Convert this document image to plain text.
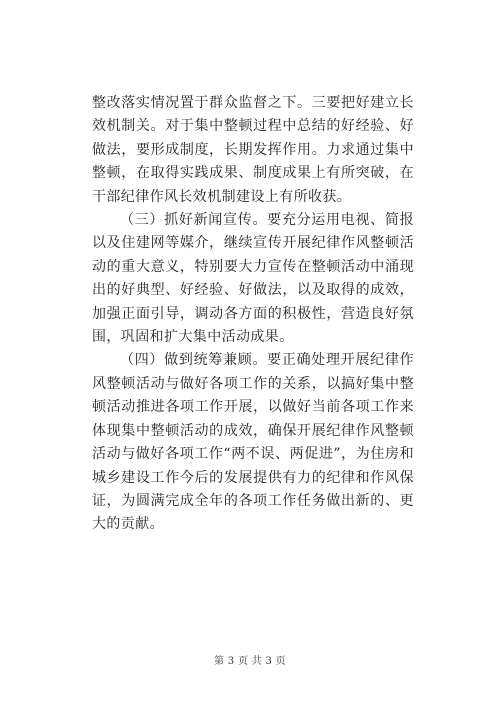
整改落实情况置于群众监督之下。三要把好建立长效机制关。对于集中整顿过程中总结的好经验、好做法，要形成制度，长期发挥作用。力求通过集中整顿，在取得实践成果、制度成果上有所突破，在干部纪律作风长效机制建设上有所收获。

（三）抓好新闻宣传。要充分运用电视、简报以及住建网等媒介，继续宣传开展纪律作风整顿活动的重大意义，特别要大力宣传在整顿活动中涌现出的好典型、好经验、好做法，以及取得的成效，加强正面引导，调动各方面的积极性，营造良好氛围，巩固和扩大集中活动成果。

（四）做到统筹兼顾。要正确处理开展纪律作风整顿活动与做好各项工作的关系，以搞好集中整顿活动推进各项工作开展，以做好当前各项工作来体现集中整顿活动的成效，确保开展纪律作风整顿活动与做好各项工作“两不误、两促进”，为住房和城乡建设工作今后的发展提供有力的纪律和作风保证，为圆满完成全年的各项工作任务做出新的、更大的贡献。

第 3 页 共 3 页
